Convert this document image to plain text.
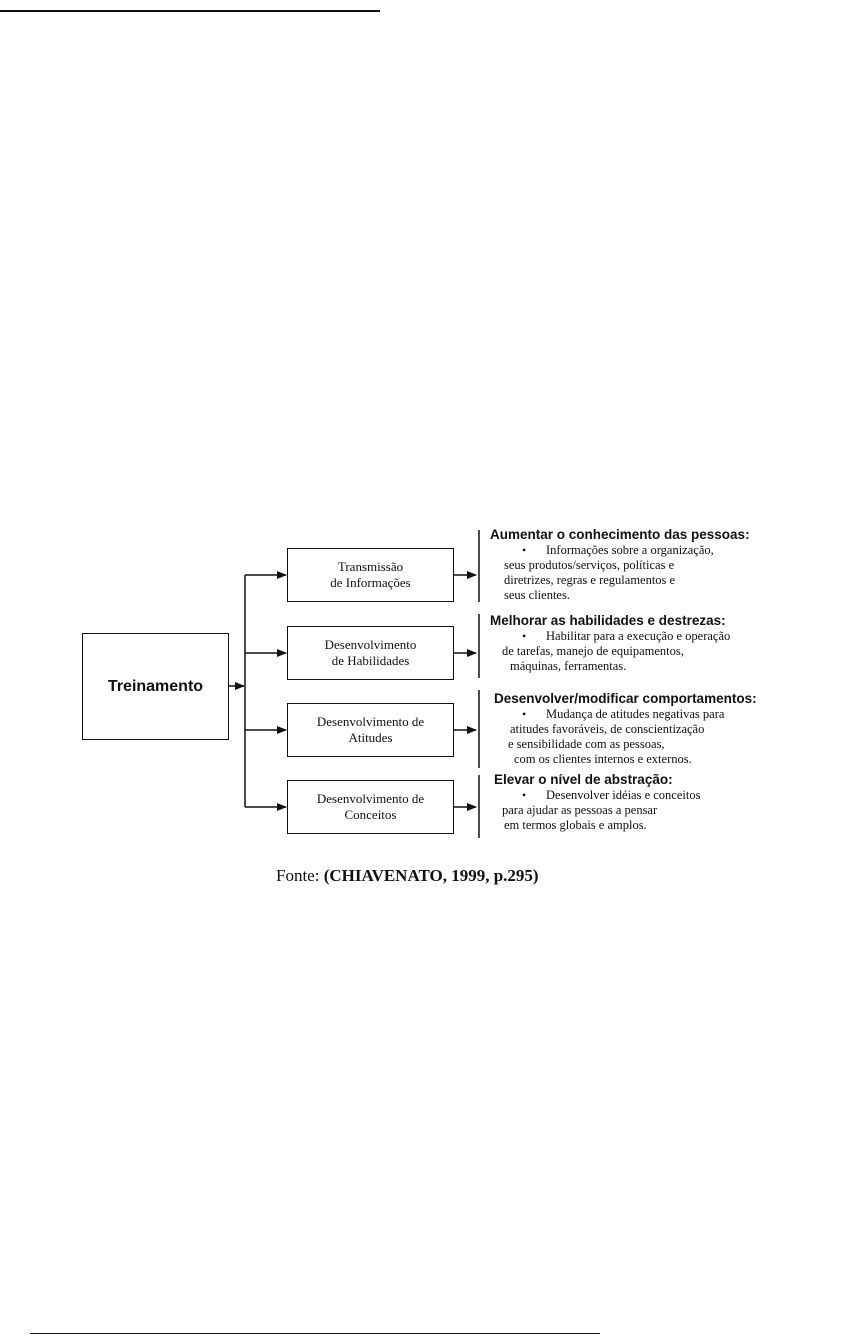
Treinamento
Transmissão
de Informações
Desenvolvimento
de Habilidades
Desenvolvimento de
Atitudes
Desenvolvimento de
Conceitos
Aumentar o conhecimento das pessoas:
• Informações sobre a organização,
seus produtos/serviços, políticas e
diretrizes, regras e regulamentos e
seus clientes.
Melhorar as habilidades e destrezas:
• Habilitar para a execução e operação
de tarefas, manejo de equipamentos,
máquinas, ferramentas.
Desenvolver/modificar comportamentos:
• Mudança de atitudes negativas para
atitudes favoráveis, de conscientização
e sensibilidade com as pessoas,
com os clientes internos e externos.
Elevar o nível de abstração:
• Desenvolver idéias e conceitos
para ajudar as pessoas a pensar
em termos globais e amplos.
Fonte: (CHIAVENATO, 1999, p.295)
